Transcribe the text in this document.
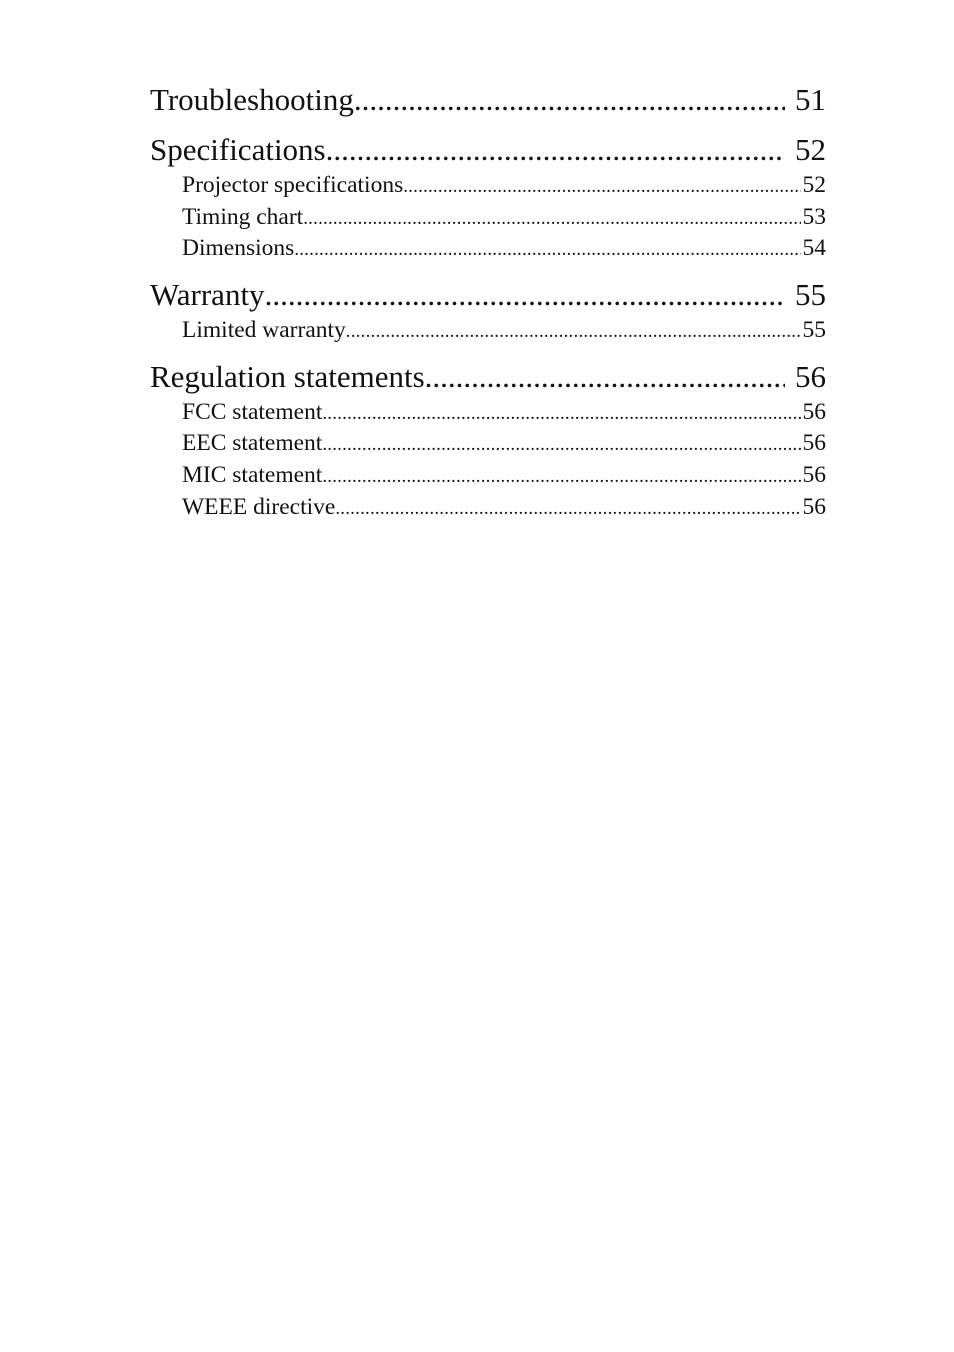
Troubleshooting .....	51
Specifications .....	52
Projector specifications .....	52
Timing chart .....	53
Dimensions .....	54
Warranty .....	55
Limited warranty .....	55
Regulation statements .....	56
FCC statement .....	56
EEC statement .....	56
MIC statement .....	56
WEEE directive .....	56
